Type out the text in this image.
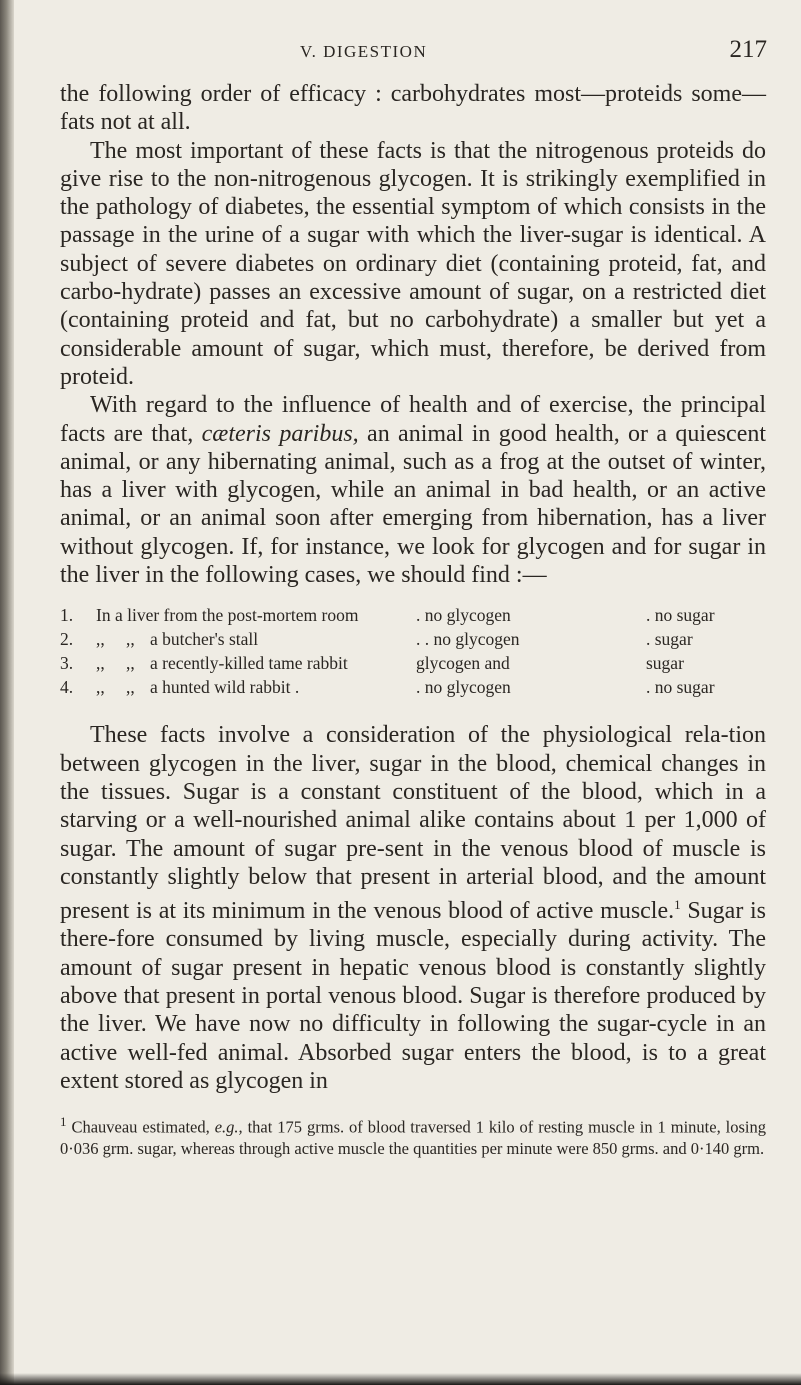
V. DIGESTION	217

the following order of efficacy : carbohydrates most—proteids some—fats not at all.

The most important of these facts is that the nitrogenous proteids do give rise to the non-nitrogenous glycogen. It is strikingly exemplified in the pathology of diabetes, the essential symptom of which consists in the passage in the urine of a sugar with which the liver-sugar is identical. A subject of severe diabetes on ordinary diet (containing proteid, fat, and carbo-hydrate) passes an excessive amount of sugar, on a restricted diet (containing proteid and fat, but no carbohydrate) a smaller but yet a considerable amount of sugar, which must, therefore, be derived from proteid.

With regard to the influence of health and of exercise, the principal facts are that, cæteris paribus, an animal in good health, or a quiescent animal, or any hibernating animal, such as a frog at the outset of winter, has a liver with glycogen, while an animal in bad health, or an active animal, or an animal soon after emerging from hibernation, has a liver without glycogen. If, for instance, we look for glycogen and for sugar in the liver in the following cases, we should find :—

1.	In a liver from the post-mortem room			. no glycogen	. no sugar
2.	,,	,,	a butcher's stall	. . no glycogen	. sugar
3.	,,	,,	a recently-killed tame rabbit	glycogen and	sugar
4.	,,	,,	a hunted wild rabbit .	. no glycogen	. no sugar

These facts involve a consideration of the physiological rela-tion between glycogen in the liver, sugar in the blood, chemical changes in the tissues. Sugar is a constant constituent of the blood, which in a starving or a well-nourished animal alike contains about 1 per 1,000 of sugar. The amount of sugar pre-sent in the venous blood of muscle is constantly slightly below that present in arterial blood, and the amount present is at its minimum in the venous blood of active muscle.$^1$ Sugar is there-fore consumed by living muscle, especially during activity. The amount of sugar present in hepatic venous blood is constantly slightly above that present in portal venous blood. Sugar is therefore produced by the liver. We have now no difficulty in following the sugar-cycle in an active well-fed animal. Absorbed sugar enters the blood, is to a great extent stored as glycogen in

$^1$ Chauveau estimated, e.g., that 175 grms. of blood traversed 1 kilo of resting muscle in 1 minute, losing 0·036 grm. sugar, whereas through active muscle the quantities per minute were 850 grms. and 0·140 grm.
